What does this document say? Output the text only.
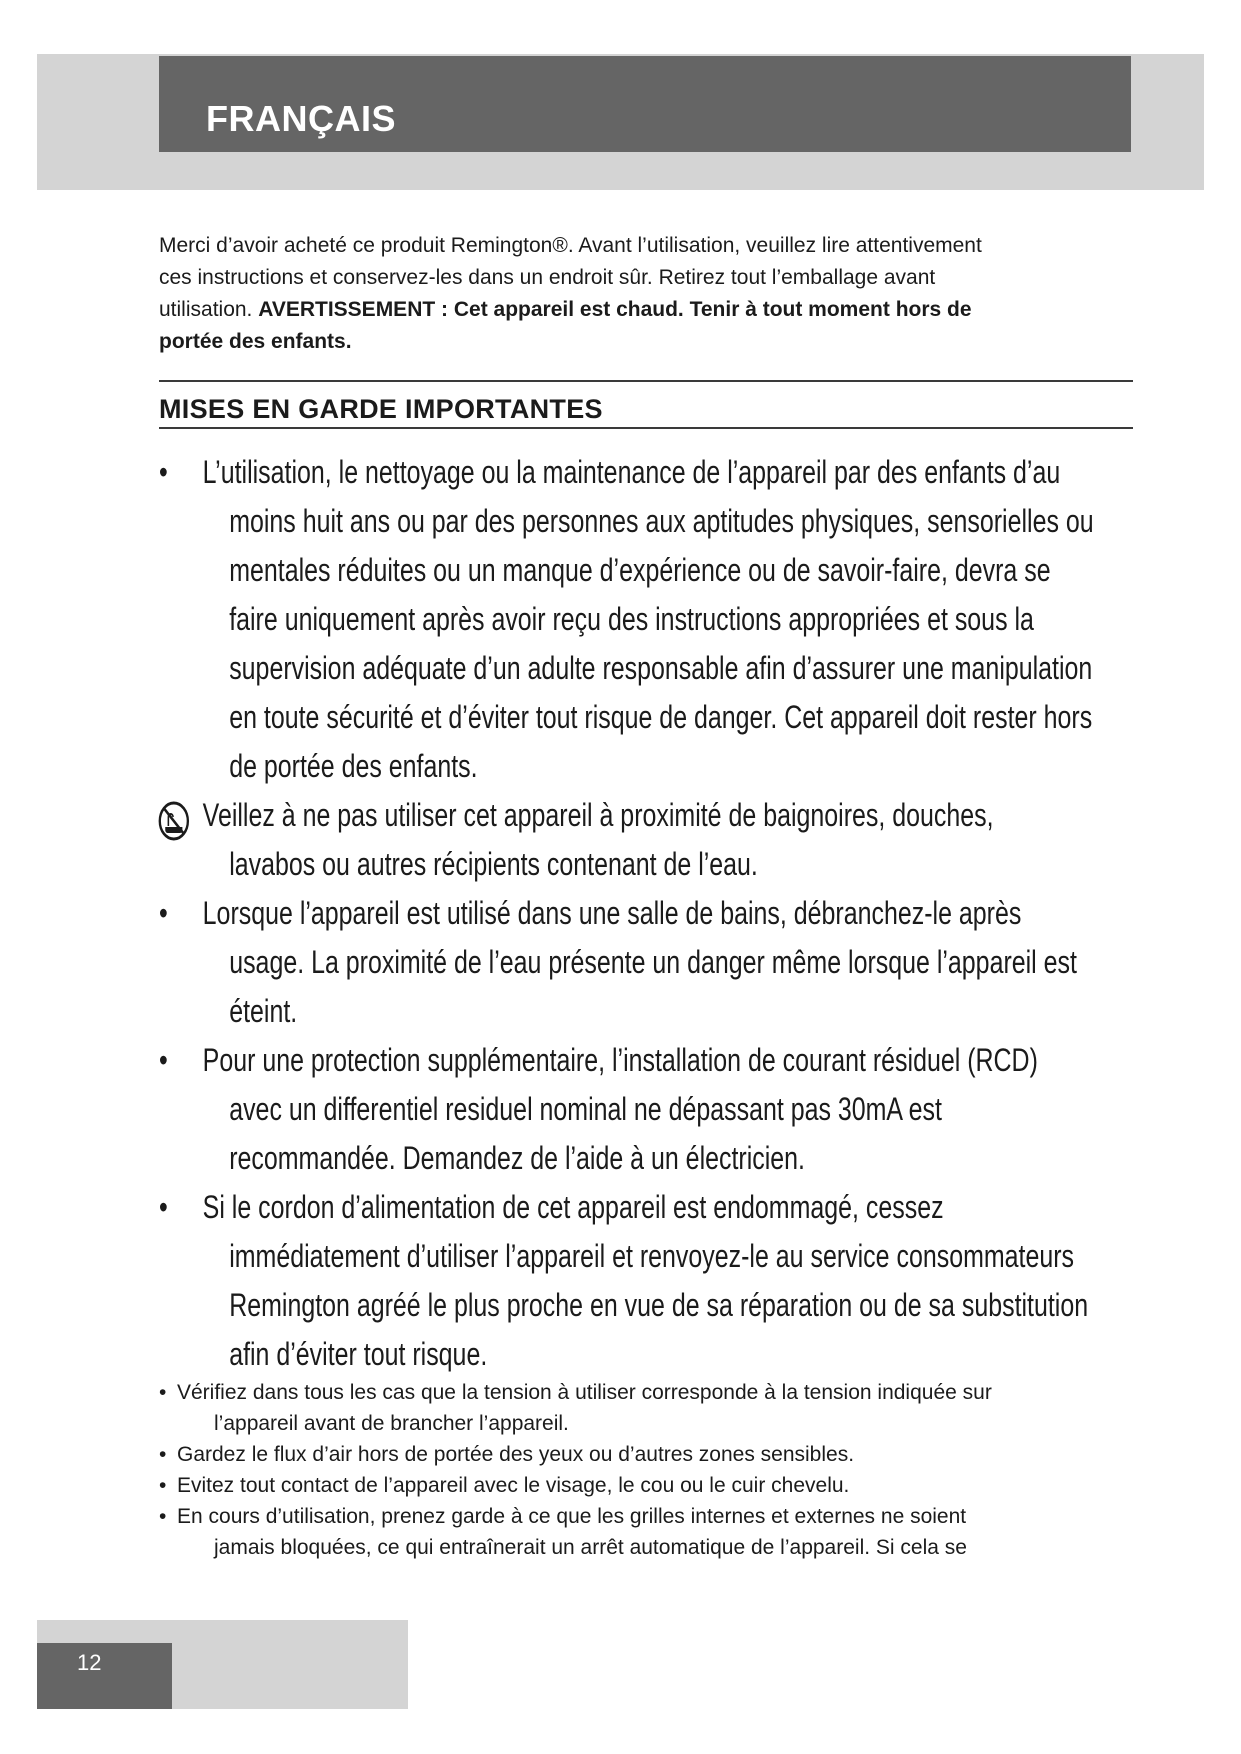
FRANÇAIS

Merci d’avoir acheté ce produit Remington®. Avant l’utilisation, veuillez lire attentivement
ces instructions et conservez-les dans un endroit sûr. Retirez tout l’emballage avant
utilisation. AVERTISSEMENT : Cet appareil est chaud. Tenir à tout moment hors de
portée des enfants.

MISES EN GARDE IMPORTANTES
• L’utilisation, le nettoyage ou la maintenance de l’appareil par des enfants d’au
moins huit ans ou par des personnes aux aptitudes physiques, sensorielles ou
mentales réduites ou un manque d’expérience ou de savoir-faire, devra se
faire uniquement après avoir reçu des instructions appropriées et sous la
supervision adéquate d’un adulte responsable afin d’assurer une manipulation
en toute sécurité et d’éviter tout risque de danger. Cet appareil doit rester hors
de portée des enfants.
Veillez à ne pas utiliser cet appareil à proximité de baignoires, douches,
lavabos ou autres récipients contenant de l’eau.
• Lorsque l’appareil est utilisé dans une salle de bains, débranchez-le après
usage. La proximité de l’eau présente un danger même lorsque l’appareil est
éteint.
• Pour une protection supplémentaire, l’installation de courant résiduel (RCD)
avec un differentiel residuel nominal ne dépassant pas 30mA est
recommandée. Demandez de l’aide à un électricien.
• Si le cordon d’alimentation de cet appareil est endommagé, cessez
immédiatement d’utiliser l’appareil et renvoyez-le au service consommateurs
Remington agréé le plus proche en vue de sa réparation ou de sa substitution
afin d’éviter tout risque.
• Vérifiez dans tous les cas que la tension à utiliser corresponde à la tension indiquée sur
l’appareil avant de brancher l’appareil.
• Gardez le flux d’air hors de portée des yeux ou d’autres zones sensibles.
• Evitez tout contact de l’appareil avec le visage, le cou ou le cuir chevelu.
• En cours d’utilisation, prenez garde à ce que les grilles internes et externes ne soient
jamais bloquées, ce qui entraînerait un arrêt automatique de l’appareil. Si cela se

12
